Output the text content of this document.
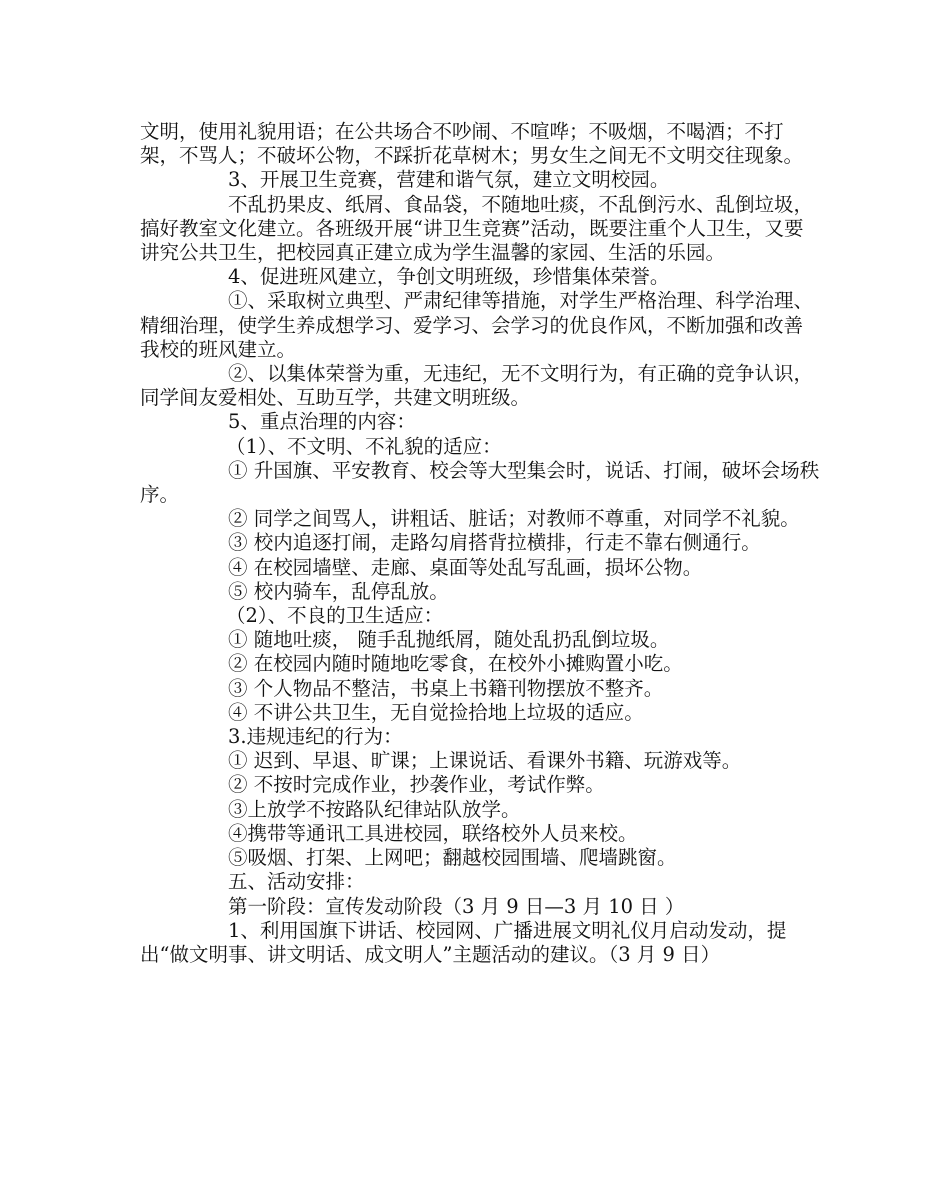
文明，使用礼貌用语；在公共场合不吵闹、不喧哗；不吸烟，不喝酒；不打架，不骂人；不破坏公物，不踩折花草树木；男女生之间无不文明交往现象。

3、开展卫生竞赛，营建和谐气氛，建立文明校园。

不乱扔果皮、纸屑、食品袋，不随地吐痰，不乱倒污水、乱倒垃圾，搞好教室文化建立。各班级开展“讲卫生竞赛”活动，既要注重个人卫生，又要讲究公共卫生，把校园真正建立成为学生温馨的家园、生活的乐园。

4、促进班风建立，争创文明班级，珍惜集体荣誉。

①、采取树立典型、严肃纪律等措施，对学生严格治理、科学治理、精细治理，使学生养成想学习、爱学习、会学习的优良作风，不断加强和改善我校的班风建立。

②、以集体荣誉为重，无违纪，无不文明行为，有正确的竞争认识，同学间友爱相处、互助互学，共建文明班级。

5、重点治理的内容：

（1）、不文明、不礼貌的适应：

① 升国旗、平安教育、校会等大型集会时，说话、打闹，破坏会场秩序。

② 同学之间骂人，讲粗话、脏话；对教师不尊重，对同学不礼貌。

③ 校内追逐打闹，走路勾肩搭背拉横排，行走不靠右侧通行。

④ 在校园墙壁、走廊、桌面等处乱写乱画，损坏公物。

⑤ 校内骑车，乱停乱放。

（2）、不良的卫生适应：

① 随地吐痰， 随手乱抛纸屑，随处乱扔乱倒垃圾。

② 在校园内随时随地吃零食，在校外小摊购置小吃。

③ 个人物品不整洁，书桌上书籍刊物摆放不整齐。

④ 不讲公共卫生，无自觉捡拾地上垃圾的适应。

3.违规违纪的行为：

① 迟到、早退、旷课；上课说话、看课外书籍、玩游戏等。

② 不按时完成作业，抄袭作业，考试作弊。

③上放学不按路队纪律站队放学。

④携带等通讯工具进校园，联络校外人员来校。

⑤吸烟、打架、上网吧；翻越校园围墙、爬墙跳窗。

五、活动安排：

第一阶段：宣传发动阶段（3 月 9 日—3 月 10 日 ）

1、利用国旗下讲话、校园网、广播进展文明礼仪月启动发动，提出“做文明事、讲文明话、成文明人”主题活动的建议。（3 月 9 日）
